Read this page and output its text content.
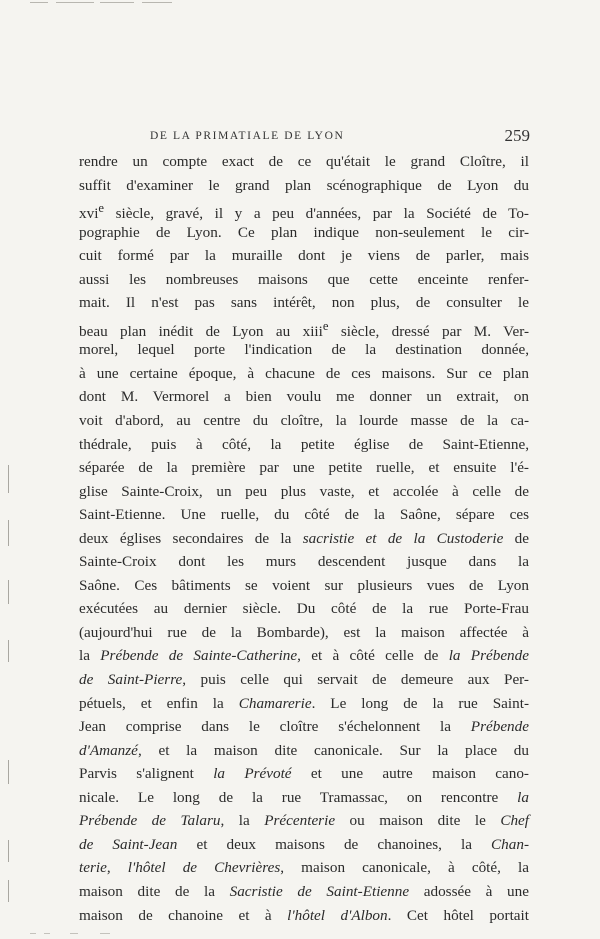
DE LA PRIMATIALE DE LYON	259
rendre un compte exact de ce qu'était le grand Cloître, il
suffit d'examiner le grand plan scénographique de Lyon du
xvi$^e$ siècle, gravé, il y a peu d'années, par la Société de To-
pographie de Lyon. Ce plan indique non-seulement le cir-
cuit formé par la muraille dont je viens de parler, mais
aussi les nombreuses maisons que cette enceinte renfer-
mait. Il n'est pas sans intérêt, non plus, de consulter le
beau plan inédit de Lyon au xiii$^e$ siècle, dressé par M. Ver-
morel, lequel porte l'indication de la destination donnée,
à une certaine époque, à chacune de ces maisons. Sur ce plan
dont M. Vermorel a bien voulu me donner un extrait, on
voit d'abord, au centre du cloître, la lourde masse de la ca-
thédrale, puis à côté, la petite église de Saint-Etienne,
séparée de la première par une petite ruelle, et ensuite l'é-
glise Sainte-Croix, un peu plus vaste, et accolée à celle de
Saint-Etienne. Une ruelle, du côté de la Saône, sépare ces
deux églises secondaires de la sacristie et de la Custoderie de
Sainte-Croix dont les murs descendent jusque dans la
Saône. Ces bâtiments se voient sur plusieurs vues de Lyon
exécutées au dernier siècle. Du côté de la rue Porte-Frau
(aujourd'hui rue de la Bombarde), est la maison affectée à
la Prébende de Sainte-Catherine, et à côté celle de la Prébende
de Saint-Pierre, puis celle qui servait de demeure aux Per-
pétuels, et enfin la Chamarerie. Le long de la rue Saint-
Jean comprise dans le cloître s'échelonnent la Prébende
d'Amanzé, et la maison dite canonicale. Sur la place du
Parvis s'alignent la Prévoté et une autre maison cano-
nicale. Le long de la rue Tramassac, on rencontre la
Prébende de Talaru, la Précenterie ou maison dite le Chef
de Saint-Jean et deux maisons de chanoines, la Chan-
terie, l'hôtel de Chevrières, maison canonicale, à côté, la
maison dite de la Sacristie de Saint-Etienne adossée à une
maison de chanoine et à l'hôtel d'Albon. Cet hôtel portait
